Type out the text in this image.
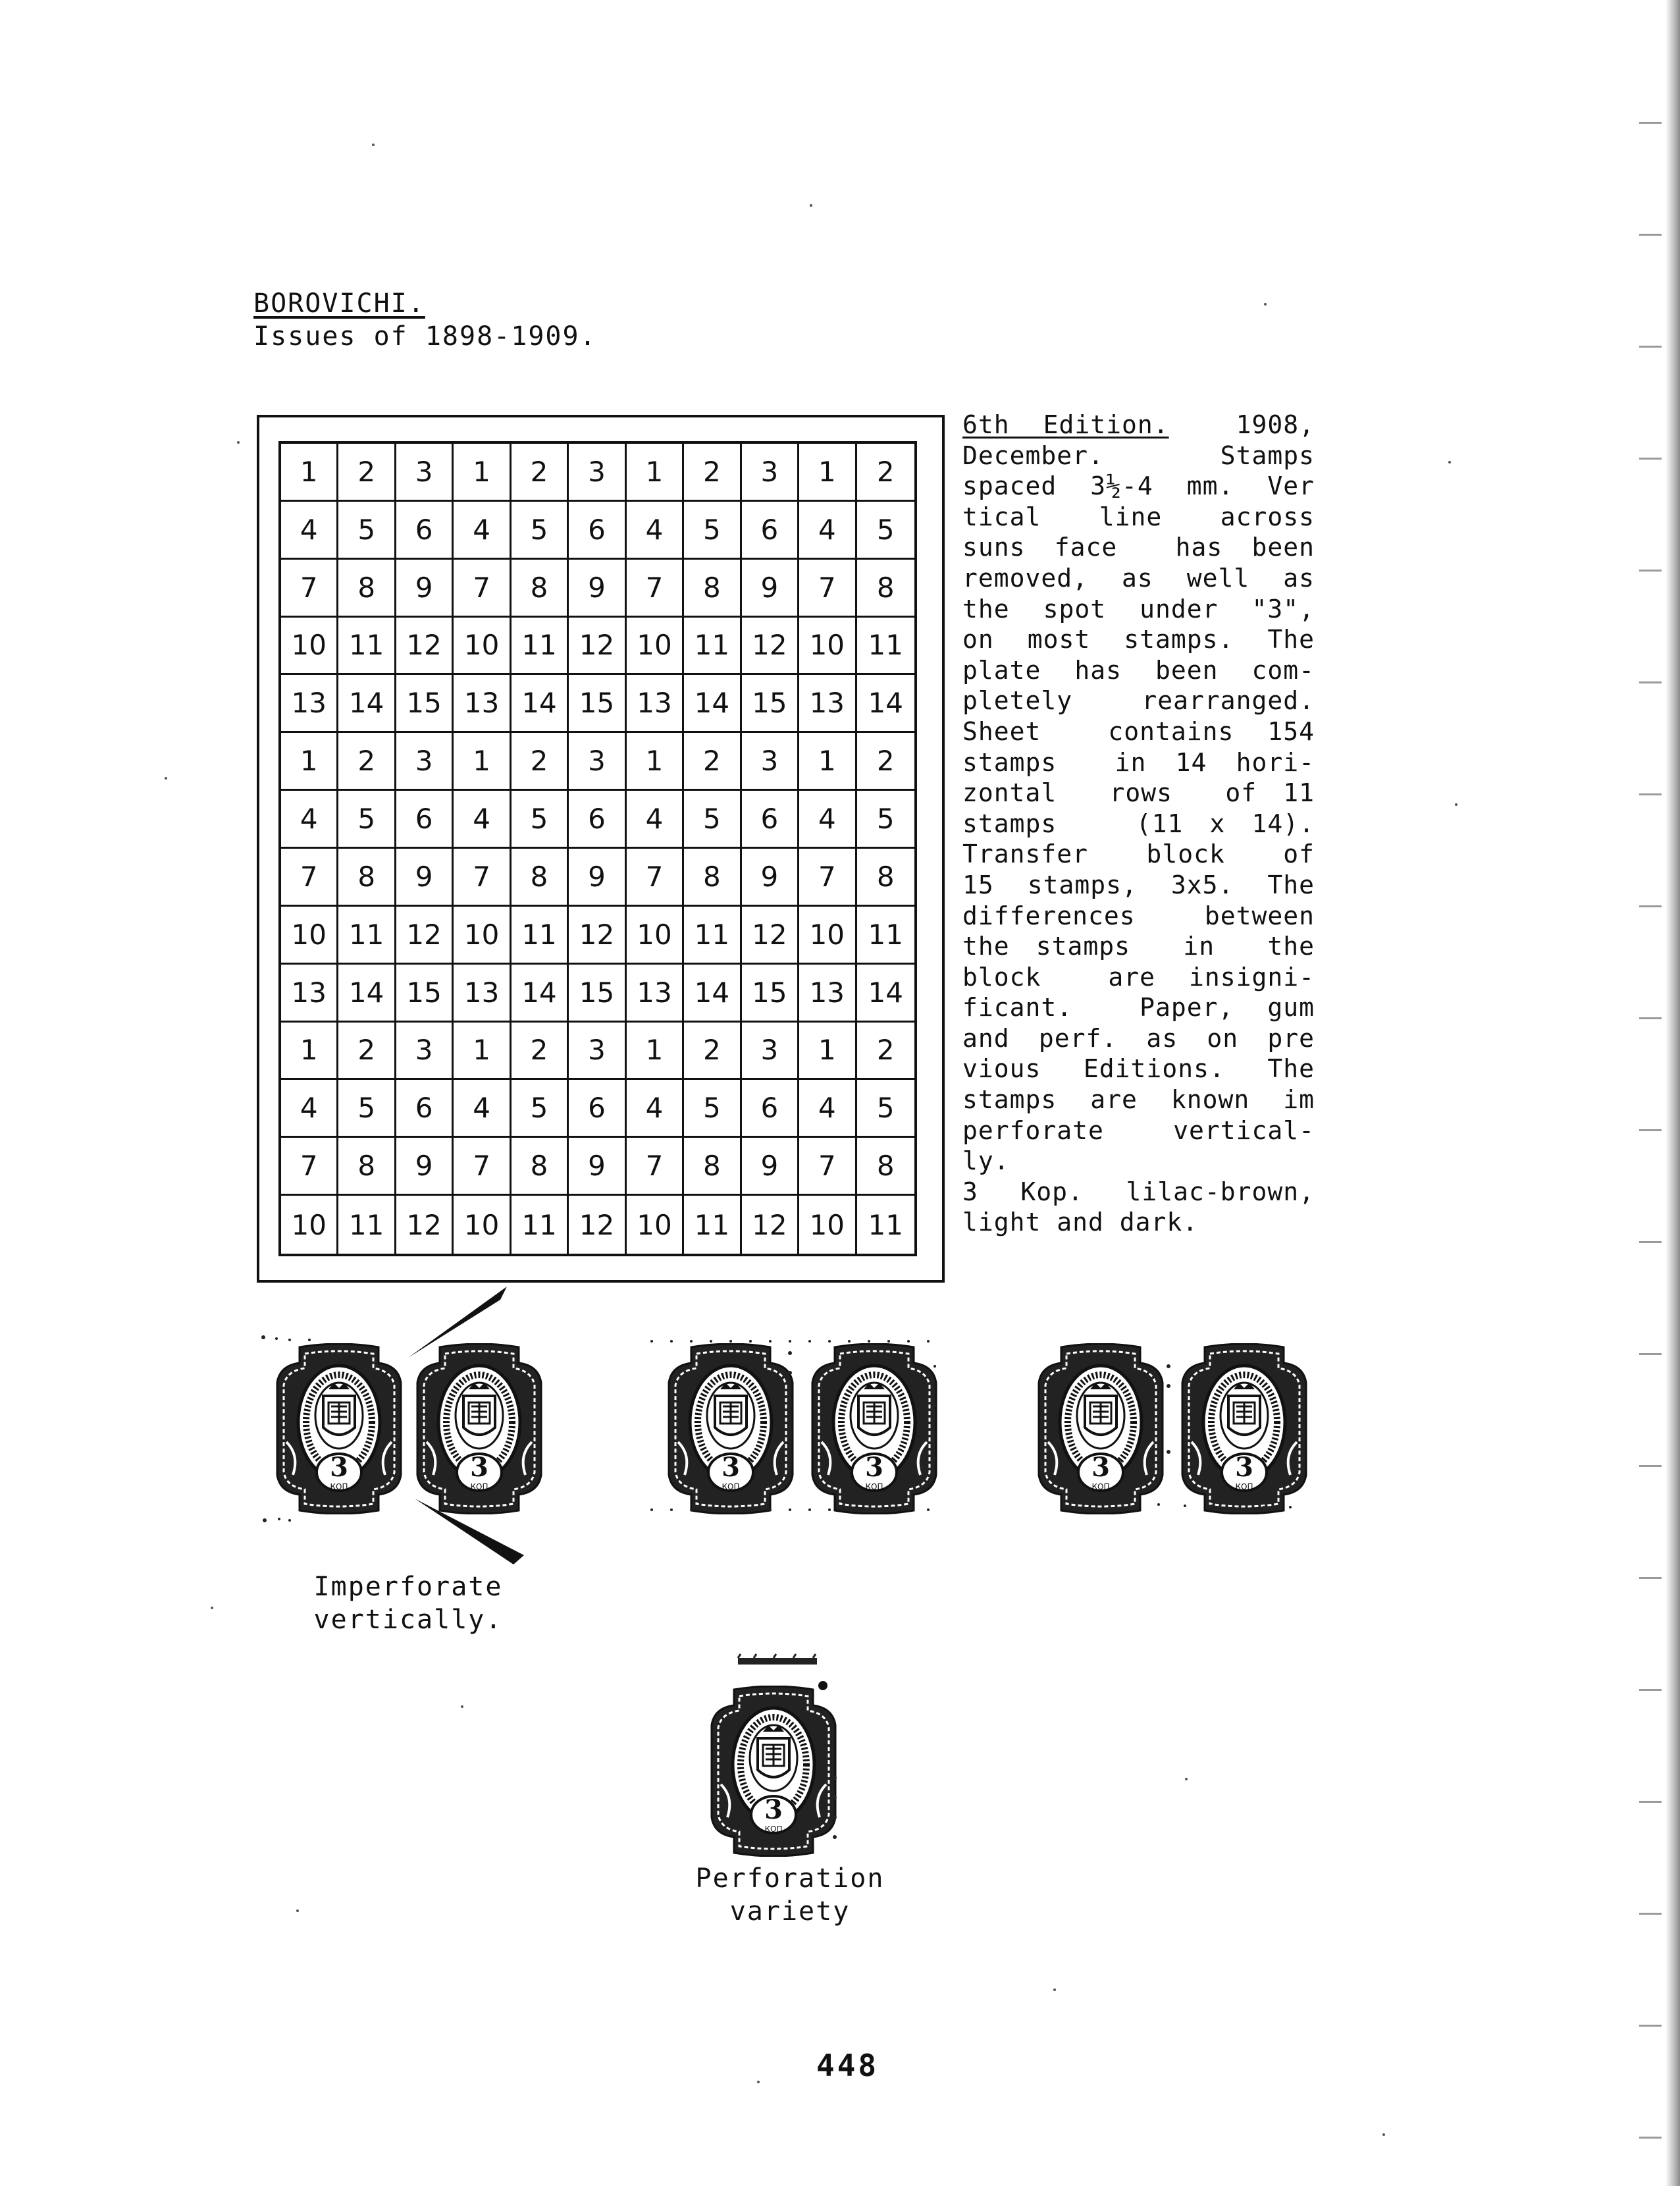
BOROVICHI.
Issues of 1898-1909.
1	2	3	1	2	3	1	2	3	1	2
4	5	6	4	5	6	4	5	6	4	5
7	8	9	7	8	9	7	8	9	7	8
10 11 12 10 11 12 10 11 12 10 11
13 14 15 13 14 15 13 14 15 13 14
1	2	3	1	2	3	1	2	3	1	2
4	5	6	4	5	6	4	5	6	4	5
7	8	9	7	8	9	7	8	9	7	8
10 11 12 10 11 12 10 11 12 10 11
13 14 15 13 14 15 13 14 15 13 14
1	2	3	1	2	3	1	2	3	1	2
4	5	6	4	5	6	4	5	6	4	5
7	8	9	7	8	9	7	8	9	7	8
10 11 12 10 11 12 10 11 12 10 11
6th Edition.	1908,
December.     Stamps
spaced 3½-4 mm. Ver
tical  line  across
suns face  has been
removed, as well as
the spot under "3",
on most stamps. The
plate has been com-
pletely rearranged.
Sheet  contains 154
stamps  in 14 hori-
zontal  rows  of 11
stamps   (11 x 14).
Transfer  block  of
15 stamps, 3x5. The
differences between
the stamps  in  the
block  are insigni-
ficant.  Paper, gum
and perf. as on pre
vious Editions. The
stamps are known im
perforate vertical-
ly.
3 Kop. lilac-brown,
light and dark.
3
КОП
3
КОП
3
КОП
3
КОП
3
КОП
3
КОП
Imperforate
vertically.
3
КОП
Perforation
variety
448
